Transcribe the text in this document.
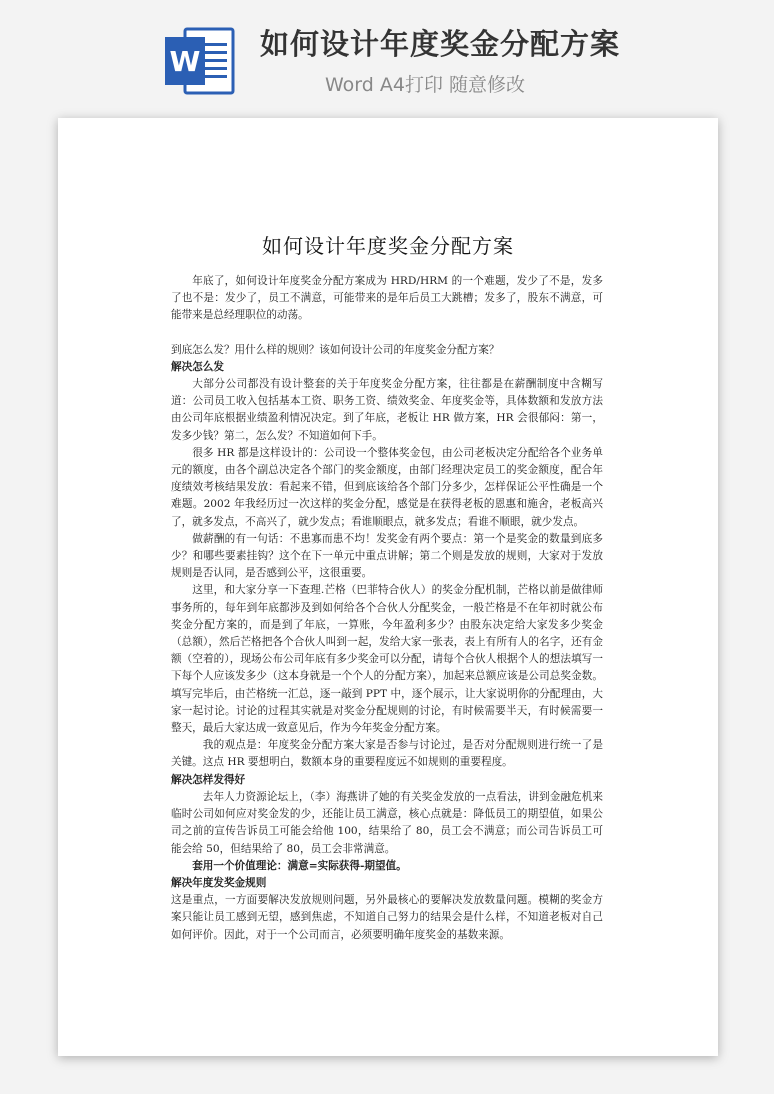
W
如何设计年度奖金分配方案
Word A4打印 随意修改
如何设计年度奖金分配方案

年底了，如何设计年度奖金分配方案成为 HRD/HRM 的一个难题，发少了不是，发多了也不是：发少了，员工不满意，可能带来的是年后员工大跳槽；发多了，股东不满意，可能带来是总经理职位的动荡。

到底怎么发？用什么样的规则？该如何设计公司的年度奖金分配方案？

解决怎么发

大部分公司都没有设计整套的关于年度奖金分配方案，往往都是在薪酬制度中含糊写道：公司员工收入包括基本工资、职务工资、绩效奖金、年度奖金等，具体数额和发放方法由公司年底根据业绩盈利情况决定。到了年底，老板让 HR 做方案，HR 会很郁闷：第一，发多少钱？第二，怎么发？不知道如何下手。

很多 HR 都是这样设计的：公司设一个整体奖金包，由公司老板决定分配给各个业务单元的额度，由各个副总决定各个部门的奖金额度，由部门经理决定员工的奖金额度，配合年度绩效考核结果发放：看起来不错，但到底该给各个部门分多少，怎样保证公平性确是一个难题。2002 年我经历过一次这样的奖金分配，感觉是在获得老板的恩惠和施舍，老板高兴了，就多发点，不高兴了，就少发点；看谁顺眼点，就多发点；看谁不顺眼，就少发点。

做薪酬的有一句话：不患寡而患不均！发奖金有两个要点：第一个是奖金的数量到底多少？和哪些要素挂钩？这个在下一单元中重点讲解；第二个则是发放的规则，大家对于发放规则是否认同，是否感到公平，这很重要。

这里，和大家分享一下查理.芒格（巴菲特合伙人）的奖金分配机制，芒格以前是做律师事务所的，每年到年底都涉及到如何给各个合伙人分配奖金，一般芒格是不在年初时就公布奖金分配方案的，而是到了年底，一算账，今年盈利多少？由股东决定给大家发多少奖金（总额），然后芒格把各个合伙人叫到一起，发给大家一张表，表上有所有人的名字，还有金额（空着的），现场公布公司年底有多少奖金可以分配，请每个合伙人根据个人的想法填写一下每个人应该发多少（这本身就是一个个人的分配方案），加起来总额应该是公司总奖金数。填写完毕后，由芒格统一汇总，逐一敲到 PPT 中，逐个展示，让大家说明你的分配理由，大家一起讨论。讨论的过程其实就是对奖金分配规则的讨论，有时候需要半天，有时候需要一整天，最后大家达成一致意见后，作为今年奖金分配方案。

我的观点是：年度奖金分配方案大家是否参与讨论过，是否对分配规则进行统一了是关键。这点 HR 要想明白，数额本身的重要程度远不如规则的重要程度。

解决怎样发得好

去年人力资源论坛上，（李）海燕讲了她的有关奖金发放的一点看法，讲到金融危机来临时公司如何应对奖金发的少，还能让员工满意，核心点就是：降低员工的期望值，如果公司之前的宣传告诉员工可能会给他 100，结果给了 80，员工会不满意；而公司告诉员工可能会给 50，但结果给了 80，员工会非常满意。

套用一个价值理论：满意=实际获得-期望值。

解决年度发奖金规则

这是重点，一方面要解决发放规则问题，另外最核心的要解决发放数量问题。模糊的奖金方案只能让员工感到无望，感到焦虑，不知道自己努力的结果会是什么样，不知道老板对自己如何评价。因此，对于一个公司而言，必须要明确年度奖金的基数来源。
